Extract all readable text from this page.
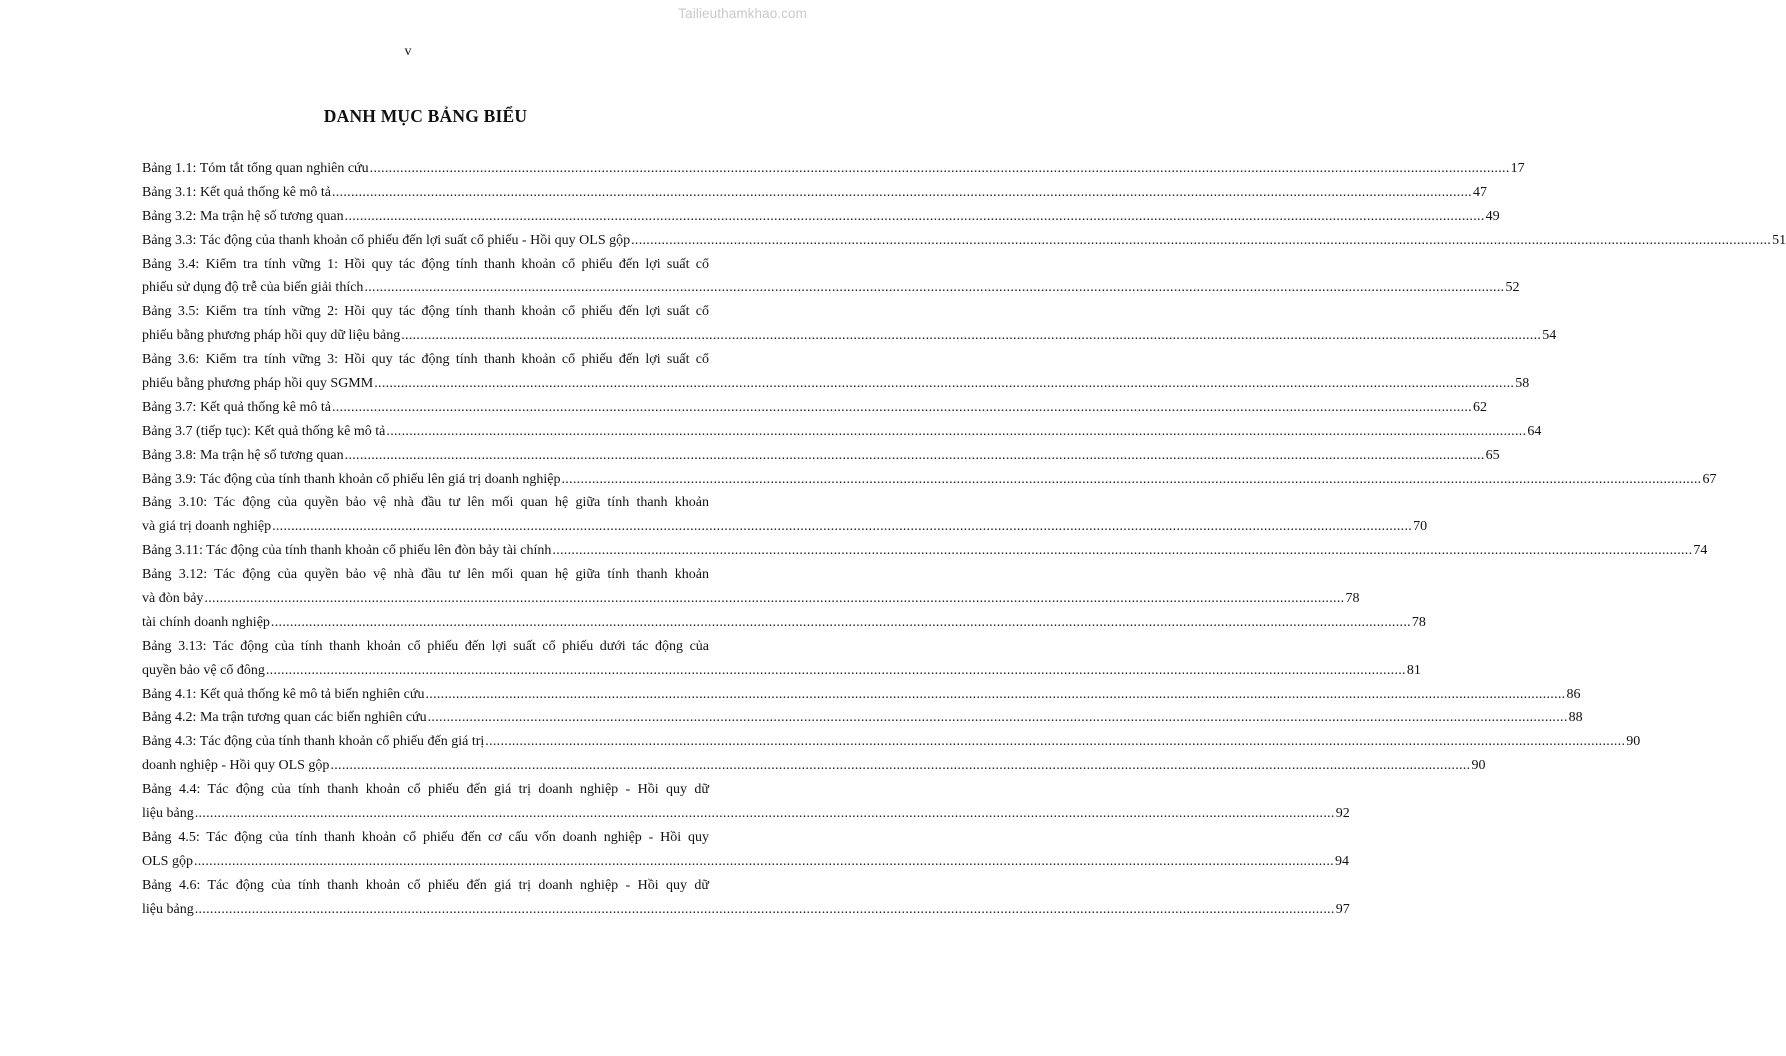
Tailieuthamkhao.com
v
DANH MỤC BẢNG BIỂU
Bảng 1.1: Tóm tắt tổng quan nghiên cứu ............................................................................................................................................................................................................................................................................................................ 17
Bảng 3.1: Kết quả thống kê mô tả ............................................................................................................................................................................................................................................................................................................ 47
Bảng 3.2: Ma trận hệ số tương quan ............................................................................................................................................................................................................................................................................................................ 49
Bảng 3.3: Tác động của thanh khoản cổ phiếu đến lợi suất cổ phiếu - Hồi quy OLS gộp ............................................................................................................................................................................................................................................................................................................ 51
Bảng 3.4: Kiểm tra tính vững 1: Hồi quy tác động tính thanh khoản cổ phiếu đến lợi suất cổ
phiếu sử dụng độ trễ của biến giải thích ............................................................................................................................................................................................................................................................................................................ 52
Bảng 3.5: Kiểm tra tính vững 2: Hồi quy tác động tính thanh khoản cổ phiếu đến lợi suất cổ
phiếu bằng phương pháp hồi quy dữ liệu bảng ............................................................................................................................................................................................................................................................................................................ 54
Bảng 3.6: Kiểm tra tính vững 3: Hồi quy tác động tính thanh khoản cổ phiếu đến lợi suất cổ
phiếu bằng phương pháp hồi quy SGMM ............................................................................................................................................................................................................................................................................................................ 58
Bảng 3.7: Kết quả thống kê mô tả ............................................................................................................................................................................................................................................................................................................ 62
Bảng 3.7 (tiếp tục): Kết quả thống kê mô tả ............................................................................................................................................................................................................................................................................................................ 64
Bảng 3.8: Ma trận hệ số tương quan ............................................................................................................................................................................................................................................................................................................ 65
Bảng 3.9: Tác động của tính thanh khoản cổ phiếu lên giá trị doanh nghiệp ............................................................................................................................................................................................................................................................................................................ 67
Bảng 3.10: Tác động của quyền bảo vệ nhà đầu tư lên mối quan hệ giữa tính thanh khoản
và giá trị doanh nghiệp ............................................................................................................................................................................................................................................................................................................ 70
Bảng 3.11: Tác động của tính thanh khoản cổ phiếu lên đòn bảy tài chính ............................................................................................................................................................................................................................................................................................................ 74
Bảng 3.12: Tác động của quyền bảo vệ nhà đầu tư lên mối quan hệ giữa tính thanh khoản
và đòn bảy ............................................................................................................................................................................................................................................................................................................ 78
tài chính doanh nghiệp ............................................................................................................................................................................................................................................................................................................ 78
Bảng 3.13: Tác động của tính thanh khoản cổ phiếu đến lợi suất cổ phiếu dưới tác động của
quyền bảo vệ cổ đông ............................................................................................................................................................................................................................................................................................................ 81
Bảng 4.1: Kết quả thống kê mô tả biến nghiên cứu ............................................................................................................................................................................................................................................................................................................ 86
Bảng 4.2: Ma trận tương quan các biến nghiên cứu ............................................................................................................................................................................................................................................................................................................ 88
Bảng 4.3: Tác động của tính thanh khoản cổ phiếu đến giá trị ............................................................................................................................................................................................................................................................................................................ 90
doanh nghiệp - Hồi quy OLS gộp ............................................................................................................................................................................................................................................................................................................ 90
Bảng 4.4: Tác động của tính thanh khoản cổ phiếu đến giá trị doanh nghiệp - Hồi quy dữ
liệu bảng ............................................................................................................................................................................................................................................................................................................ 92
Bảng 4.5: Tác động của tính thanh khoản cổ phiếu đến cơ cấu vốn doanh nghiệp - Hồi quy
OLS gộp ............................................................................................................................................................................................................................................................................................................ 94
Bảng 4.6: Tác động của tính thanh khoản cổ phiếu đến giá trị doanh nghiệp - Hồi quy dữ
liệu bảng ............................................................................................................................................................................................................................................................................................................ 97
